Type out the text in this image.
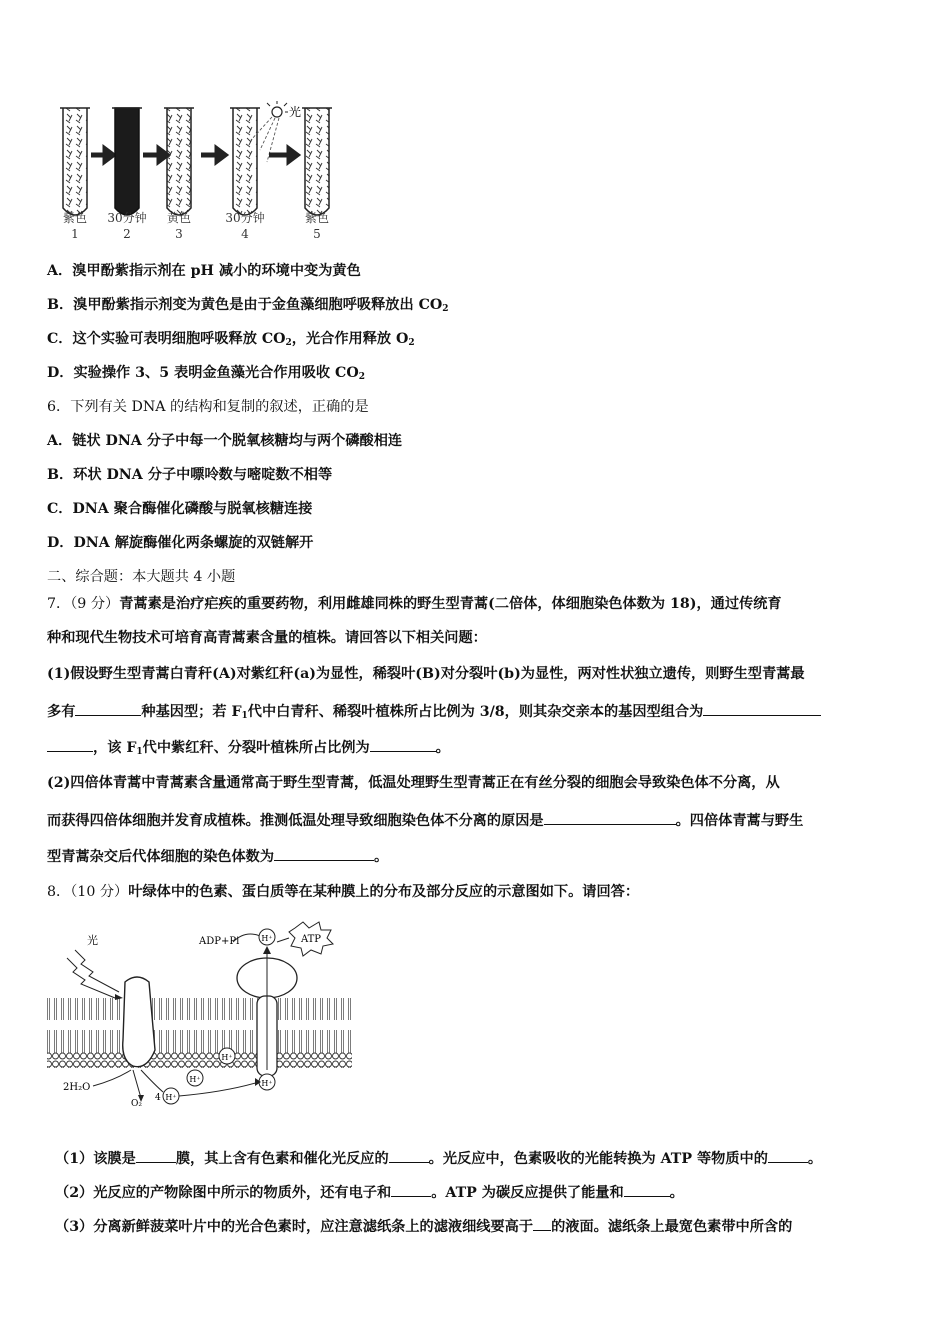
光
紫色
1
30分钟
2
黄色
3
30分钟
4
紫色
5
A．溴甲酚紫指示剂在 pH 减小的环境中变为黄色
B．溴甲酚紫指示剂变为黄色是由于金鱼藻细胞呼吸释放出 $CO_2$
C．这个实验可表明细胞呼吸释放 $CO_2$，光合作用释放 $O_2$
D．实验操作 3、5 表明金鱼藻光合作用吸收 $CO_2$
6．下列有关 DNA 的结构和复制的叙述，正确的是
A．链状 DNA 分子中每一个脱氧核糖均与两个磷酸相连
B．环状 DNA 分子中嘌呤数与嘧啶数不相等
C．DNA 聚合酶催化磷酸与脱氧核糖连接
D．DNA 解旋酶催化两条螺旋的双链解开
二、综合题：本大题共 4 小题
7．（9 分）青蒿素是治疗疟疾的重要药物，利用雌雄同株的野生型青蒿(二倍体，体细胞染色体数为 18)，通过传统育
种和现代生物技术可培育高青蒿素含量的植株。请回答以下相关问题：
(1)假设野生型青蒿白青秆(A)对紫红秆(a)为显性，稀裂叶(B)对分裂叶(b)为显性，两对性状独立遗传，则野生型青蒿最
多有	种基因型；若 $F_1$代中白青秆、稀裂叶植株所占比例为 3/8，则其杂交亲本的基因型组合为
，该 $F_1$代中紫红秆、分裂叶植株所占比例为	。
(2)四倍体青蒿中青蒿素含量通常高于野生型青蒿，低温处理野生型青蒿正在有丝分裂的细胞会导致染色体不分离，从
而获得四倍体细胞并发育成植株。推测低温处理导致细胞染色体不分离的原因是	。四倍体青蒿与野生
型青蒿杂交后代体细胞的染色体数为	。
8．（10 分）叶绿体中的色素、蛋白质等在某种膜上的分布及部分反应的示意图如下。请回答：
光	ADP+Pi	H⁺	ATP
H⁺
H⁺	H⁺
H⁺
2H₂O
O₂
4
（1）该膜是	膜，其上含有色素和催化光反应的	。光反应中，色素吸收的光能转换为 ATP 等物质中的	。
（2）光反应的产物除图中所示的物质外，还有电子和	。ATP 为碳反应提供了能量和	。
（3）分离新鲜菠菜叶片中的光合色素时，应注意滤纸条上的滤液细线要高于 的液面。滤纸条上最宽色素带中所含的
